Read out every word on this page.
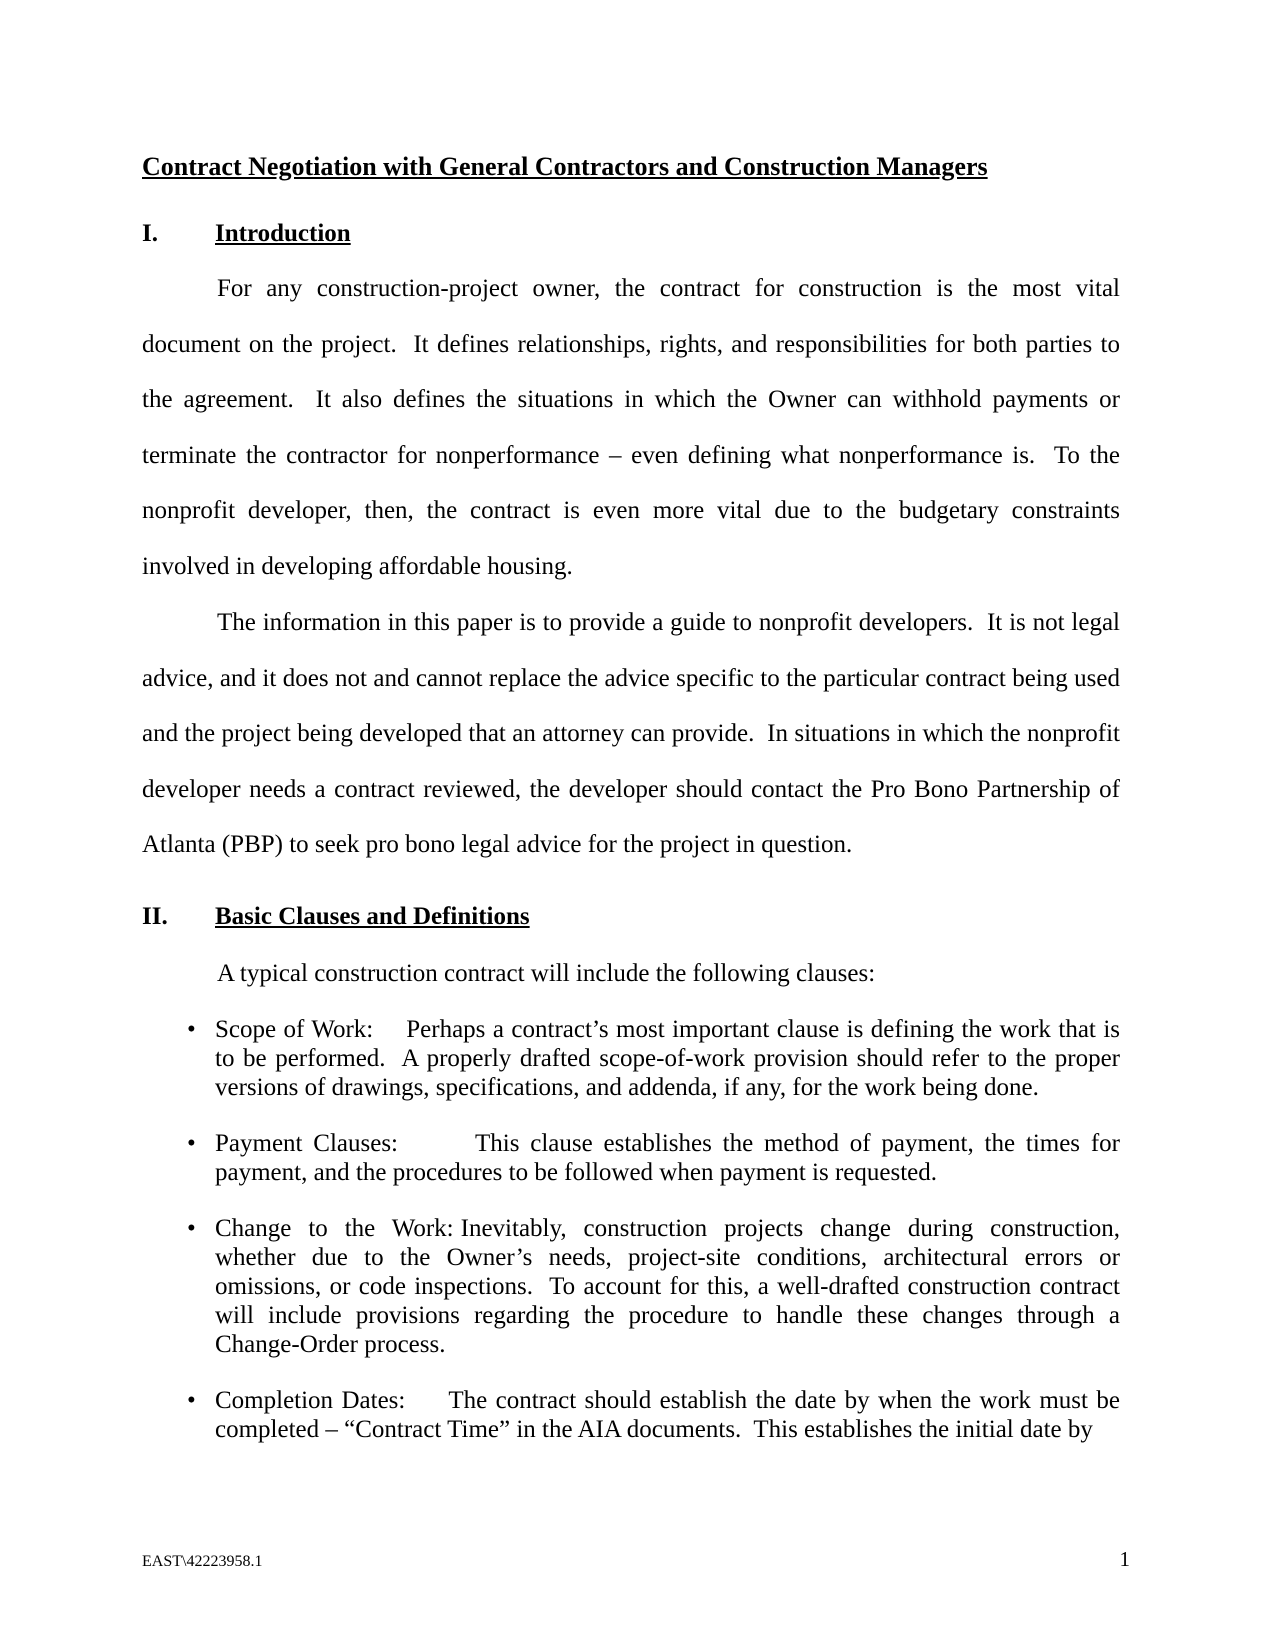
Contract Negotiation with General Contractors and Construction Managers
I. Introduction

For any construction-project owner, the contract for construction is the most vital document on the project.  It defines relationships, rights, and responsibilities for both parties to the agreement.  It also defines the situations in which the Owner can withhold payments or terminate the contractor for nonperformance – even defining what nonperformance is.  To the nonprofit developer, then, the contract is even more vital due to the budgetary constraints involved in developing affordable housing.

The information in this paper is to provide a guide to nonprofit developers.  It is not legal advice, and it does not and cannot replace the advice specific to the particular contract being used and the project being developed that an attorney can provide.  In situations in which the nonprofit developer needs a contract reviewed, the developer should contact the Pro Bono Partnership of Atlanta (PBP) to seek pro bono legal advice for the project in question.

II. Basic Clauses and Definitions

A typical construction contract will include the following clauses:

• Scope of Work: Perhaps a contract’s most important clause is defining the work that is to be performed.  A properly drafted scope-of-work provision should refer to the proper versions of drawings, specifications, and addenda, if any, for the work being done.
• Payment Clauses:	This clause establishes the method of payment, the times for payment, and the procedures to be followed when payment is requested.
• Change to the Work: Inevitably, construction projects change during construction, whether due to the Owner’s needs, project-site conditions, architectural errors or omissions, or code inspections.  To account for this, a well-drafted construction contract will include provisions regarding the procedure to handle these changes through a Change-Order process.
• Completion Dates: The contract should establish the date by when the work must be completed – “Contract Time” in the AIA documents.  This establishes the initial date by
EAST\42223958.1	1
